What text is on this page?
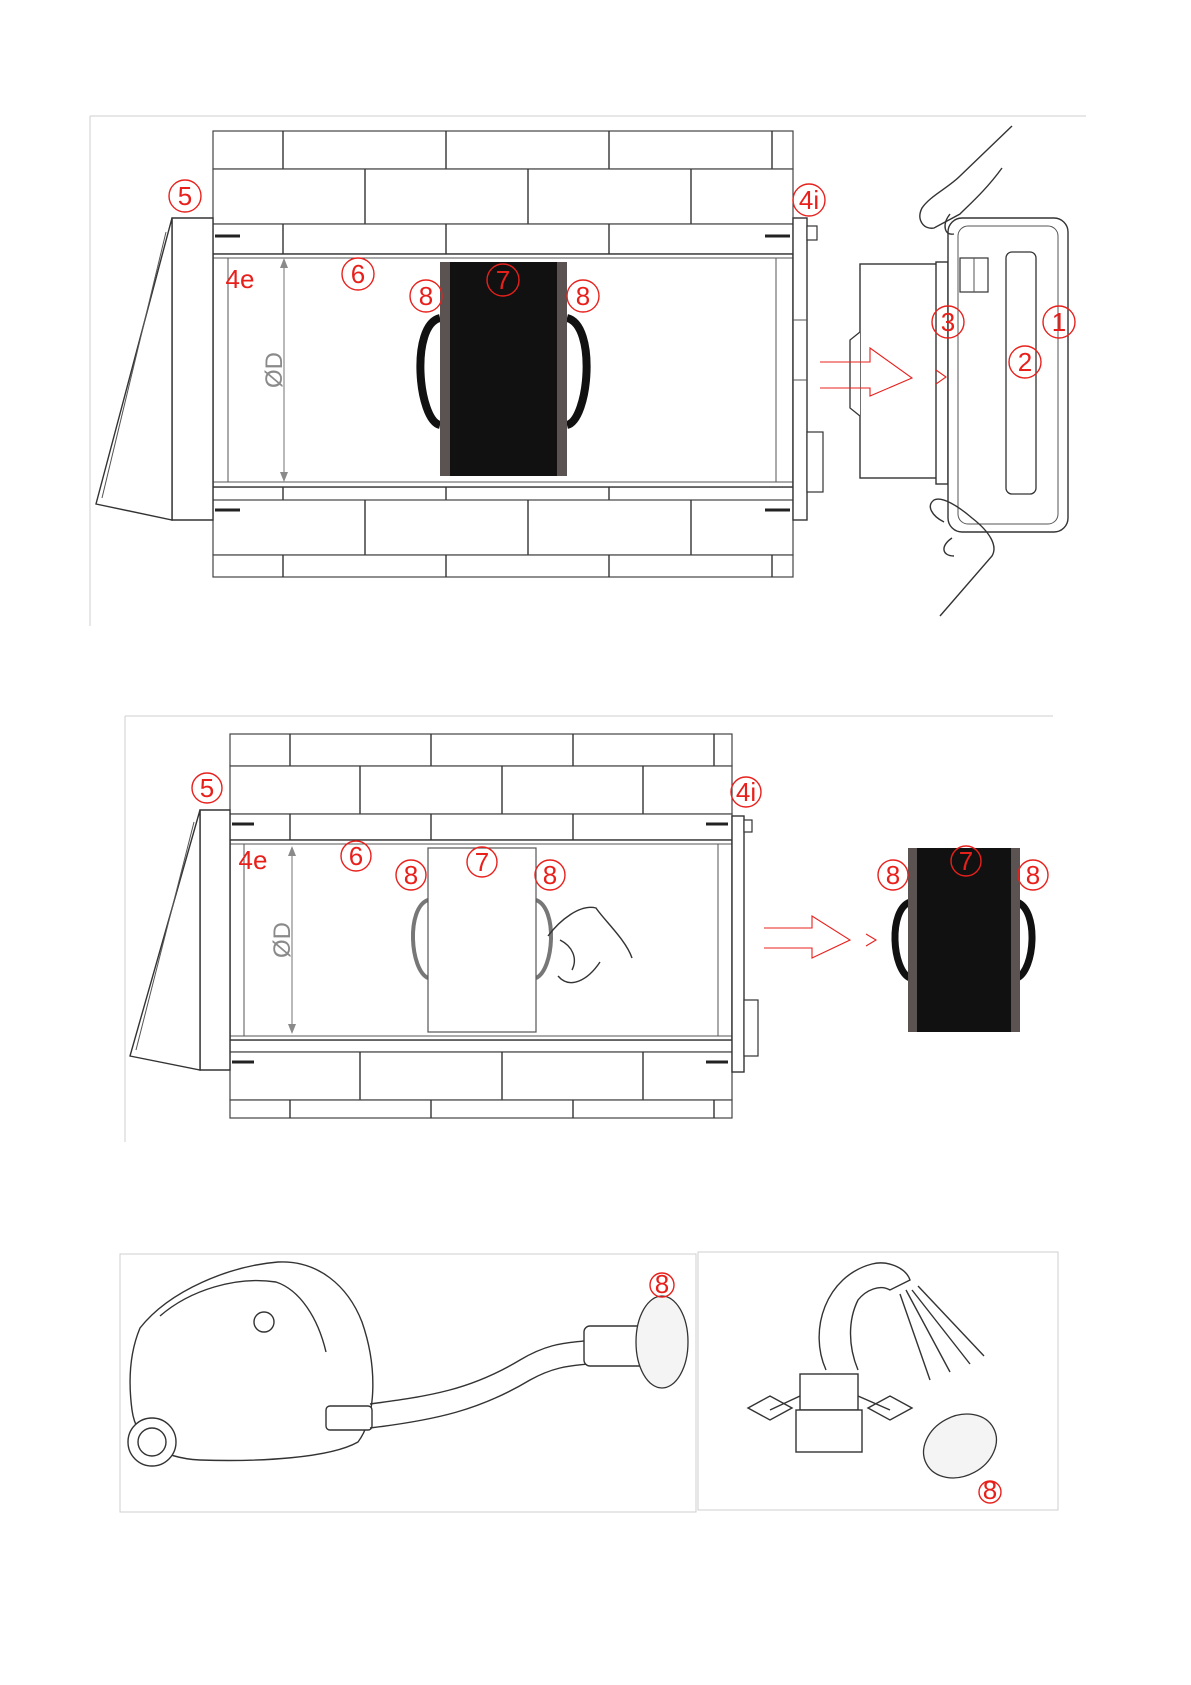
ØD
5	4i
4e	6	7
8	8
3
2
1
ØD
5	4i
4e	6	7
8	8	7
8	8
8
8
